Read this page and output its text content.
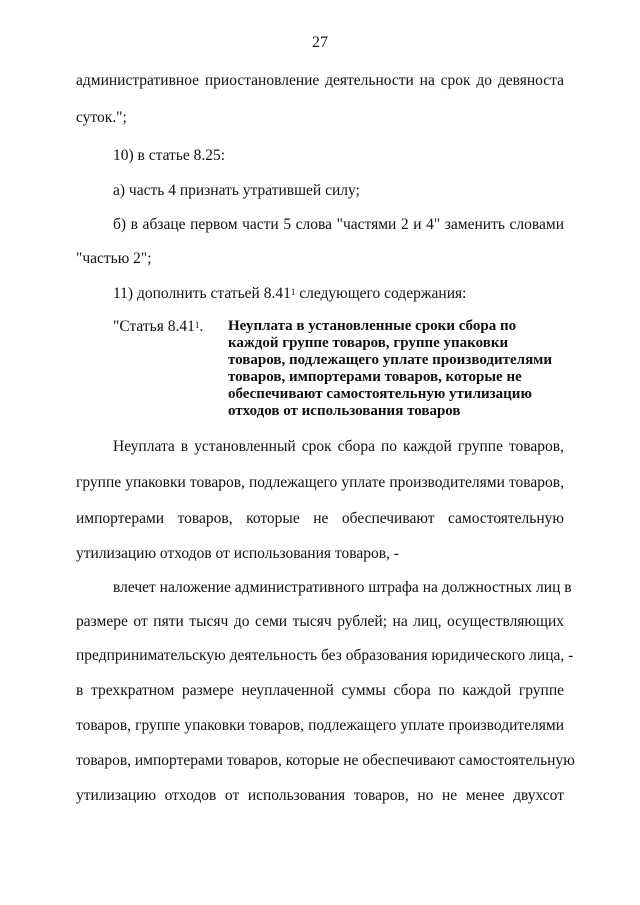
27
административное приостановление деятельности на срок до девяноста
суток.";
10) в статье 8.25:
а) часть 4 признать утратившей силу;
б) в абзаце первом части 5 слова "частями 2 и 4" заменить словами
"частью 2";
11) дополнить статьей 8.41$^1$ следующего содержания:
"Статья 8.41$^1$. Неуплата в установленные сроки сбора по
каждой группе товаров, группе упаковки
товаров, подлежащего уплате производителями
товаров, импортерами товаров, которые не
обеспечивают самостоятельную утилизацию
отходов от использования товаров
Неуплата в установленный срок сбора по каждой группе товаров,
группе упаковки товаров, подлежащего уплате производителями товаров,
импортерами товаров, которые не обеспечивают самостоятельную
утилизацию отходов от использования товаров, -
влечет наложение административного штрафа на должностных лиц в
размере от пяти тысяч до семи тысяч рублей; на лиц, осуществляющих
предпринимательскую деятельность без образования юридического лица, -
в трехкратном размере неуплаченной суммы сбора по каждой группе
товаров, группе упаковки товаров, подлежащего уплате производителями
товаров, импортерами товаров, которые не обеспечивают самостоятельную
утилизацию отходов от использования товаров, но не менее двухсот
